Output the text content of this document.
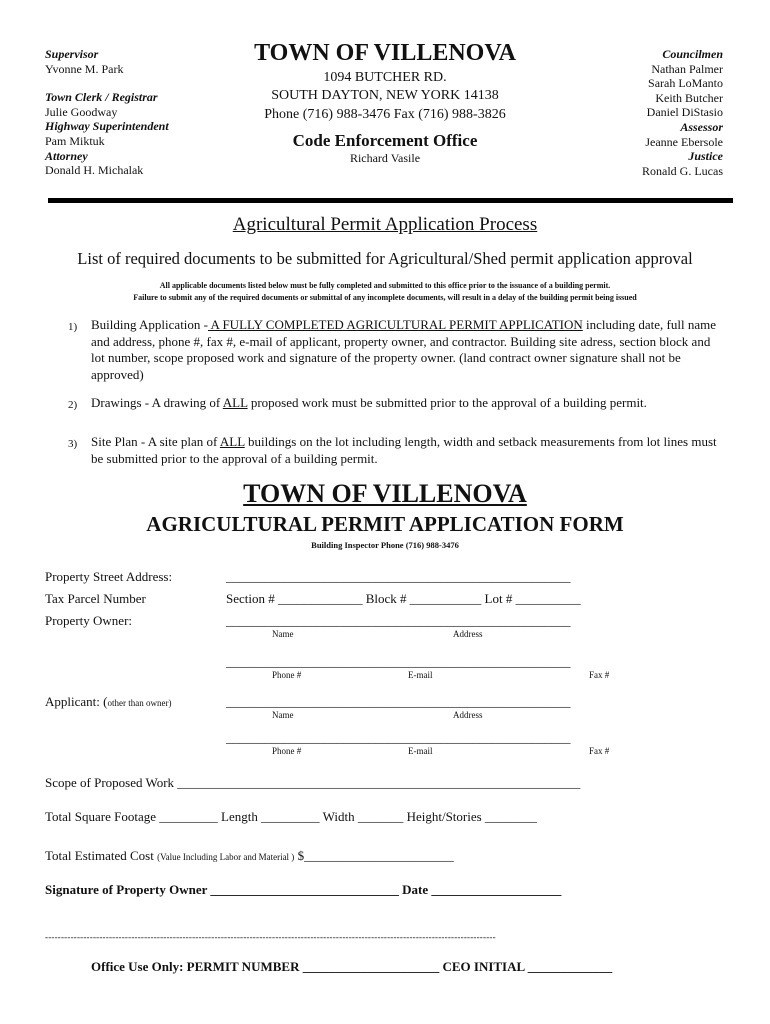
Supervisor
Yvonne M. Park
Town Clerk / Registrar
Julie Goodway
Highway Superintendent
Pam Miktuk
Attorney
Donald H. Michalak
TOWN OF VILLENOVA
1094 BUTCHER RD.
SOUTH DAYTON, NEW YORK 14138
Phone (716) 988-3476 Fax (716) 988-3826
Code Enforcement Office
Richard Vasile
Councilmen
Nathan Palmer
Sarah LoManto
Keith Butcher
Daniel DiStasio
Assessor
Jeanne Ebersole
Justice
Ronald G. Lucas
Agricultural Permit Application Process
List of required documents to be submitted for Agricultural/Shed permit application approval
All applicable documents listed below must be fully completed and submitted to this office prior to the issuance of a building permit.
Failure to submit any of the required documents or submittal of any incomplete documents, will result in a delay of the building permit being issued
1) Building Application - A FULLY COMPLETED AGRICULTURAL PERMIT APPLICATION including date, full name and address, phone #, fax #, e-mail of applicant, property owner, and contractor. Building site adress, section block and lot number, scope proposed work and signature of the property owner. (land contract owner signature shall not be approved)
2) Drawings - A drawing of ALL proposed work must be submitted prior to the approval of a building permit.
3) Site Plan - A site plan of ALL buildings on the lot including length, width and setback measurements from lot lines must be submitted prior to the approval of a building permit.
TOWN OF VILLENOVA
AGRICULTURAL PERMIT APPLICATION FORM
Building Inspector Phone (716) 988-3476
Property Street Address:	_____________________________________________________
Tax Parcel Number	Section # _____________ Block # ___________ Lot # __________
Property Owner:	_____________________________________________________
Name	Address
_____________________________________________________
Phone #	E-mail	Fax #
Applicant: (other than owner)	_____________________________________________________
Name	Address
_____________________________________________________
Phone #	E-mail	Fax #
Scope of Proposed Work ______________________________________________________________
Total Square Footage _________ Length _________ Width _______ Height/Stories ________
Total Estimated Cost (Value Including Labor and Material ) $_______________________
Signature of Property Owner _____________________________ Date ____________________
---------------------------------------------------------------------------------------------------------------------------------------------
Office Use Only: PERMIT NUMBER _____________________ CEO INITIAL _____________
